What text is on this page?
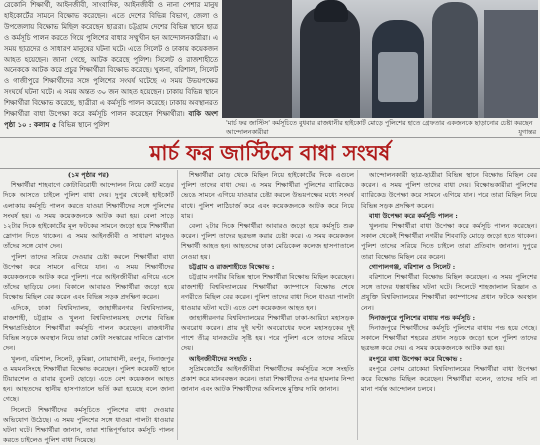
রেকোনি শিক্ষার্থী, আইনজীবী, সাংবাদিক, আইনজীবী ও নানা পেশার মানুষ হাইকোর্টের সামনে বিক্ষোভ করেছেন। এতে দেশের বিভিন্ন বিভাগ, জেলা ও উপজেলায় বিক্ষোভ মিছিল করেছেন ছাত্ররা। চট্টগ্রাম দেশের বিভিন্ন স্থানে ছাত্র ও কর্মসূচি পালন করতে গিয়ে পুলিশের বাধার সম্মুখীন হন আন্দোলনকারীরা। এ সময় ছাত্রদের ও সাধারণ মানুষের ঘটনা ঘটে। এতে সিলেট ও ঢাকায় কয়েকজন আহত হয়েছেন। জানা গেছে, আটক করেছে পুলিশ। সিলেট ও রাজশাহীতে অনেককে আটক করে প্রচুর শিক্ষার্থীরা বিক্ষোভ করেছে। খুলনা, বরিশাল, সিলেট ও গাজীপুরে শিক্ষার্থীদের সঙ্গে পুলিশের সংঘর্ষ ঘটেছে এ সময় উভয়পক্ষের সংঘর্ষে ঘটনা ঘটে। এ সময় অন্তত ৩০ জন আহত হয়েছেন। ঢাকায় বিভিন্ন স্থানে শিক্ষার্থীরা বিক্ষোভ করেছে, ছাত্রীরা এ কর্মসূচি পালন করেছে। ঢাকায় অবস্থানরত শিক্ষার্থীরা বাধা উপেক্ষা করে কর্মসূচি পালন করেছেন শিক্ষার্থীরা। বাকি অংশ পৃষ্ঠা ১০ : কলাম ৫ বিভিন্ন স্থানে পুলিশ	'মার্চ ফর জাস্টিস' কর্মসূচিতে বুধবার রাজধানীর হাইকোর্ট মোড়ে পুলিশের হাতে গ্রেফতার একজনকে ছাড়ানোর চেষ্টা করছেন আন্দোলনকারীরা	যুগান্তর
মার্চ ফর জাস্টিসে বাধা সংঘর্ষ

(১ম পৃষ্ঠার পর)

শিক্ষার্থীরা শাহবাগে কোটাবিরোধী আন্দোলন নিয়ে কোর্ট মড়ের দিকে আসতে চাইলে পুলিশ বাধা দেয়। দুপুর থেকেই হাইকোর্ট এলাকায় কর্মসূচি পালন করতে যাওয়া শিক্ষার্থীদের সঙ্গে পুলিশের সংঘর্ষ হয়। এ সময় কয়েকজনকে আটক করা হয়। বেলা সাড়ে ১২টার দিকে হাইকোর্টের মূল ফটকের সামনে জড়ো হয়ে শিক্ষার্থীরা স্লোগান দিতে থাকেন। এ সময় আইনজীবী ও সাধারণ মানুষও তাঁদের সঙ্গে যোগ দেন।

পুলিশ তাদের সরিয়ে দেওয়ার চেষ্টা করলে শিক্ষার্থীরা বাধা উপেক্ষা করে সামনে এগিয়ে যান। এ সময় শিক্ষার্থীদের কয়েকজনকে আটক করে পুলিশ। পরে আইনজীবীরা এগিয়ে এসে তাঁদের ছাড়িয়ে নেন। বিকালে আবারও শিক্ষার্থীরা জড়ো হয়ে বিক্ষোভ মিছিল বের করেন এবং বিভিন্ন সড়ক প্রদক্ষিণ করেন।

এদিকে, ঢাকা বিশ্ববিদ্যালয়, জাহাঙ্গীরনগর বিশ্ববিদ্যালয়, রাজশাহী, চট্টগ্রাম ও খুলনা বিশ্ববিদ্যালয়সহ দেশের বিভিন্ন শিক্ষাপ্রতিষ্ঠানে শিক্ষার্থীরা কর্মসূচি পালন করেছেন। রাজধানীর বিভিন্ন সড়কে অবস্থান নিয়ে তারা কোটা সংস্কারের দাবিতে স্লোগান দেন।

খুলনা, বরিশাল, সিলেট, কুমিল্লা, নোয়াখালী, রংপুর, দিনাজপুর ও ময়মনসিংহে শিক্ষার্থীরা বিক্ষোভ করেছেন। পুলিশ কয়েকটি স্থানে টিয়ারশেল ও রাবার বুলেট ছোড়ে। এতে বেশ কয়েকজন আহত হন। আহতদের স্থানীয় হাসপাতালে ভর্তি করা হয়েছে বলে জানা গেছে।

সিলেটে শিক্ষার্থীদের কর্মসূচিতে পুলিশের বাধা দেওয়ার অভিযোগ উঠেছে। এ সময় পুলিশের সঙ্গে ধাওয়া পালটা ধাওয়ার ঘটনা ঘটে। শিক্ষার্থীরা জানান, তারা শান্তিপূর্ণভাবে কর্মসূচি পালন করতে চাইলেও পুলিশ বাধা দিয়েছে।

শিক্ষার্থীরা মোড় থেকে মিছিল নিয়ে হাইকোর্টের দিকে এগুলে পুলিশ তাদের বাধা দেয়। এ সময় শিক্ষার্থীরা পুলিশের ব্যারিকেড ভেঙে সামনে এগিয়ে যাওয়ার চেষ্টা করলে উভয়পক্ষের মধ্যে সংঘর্ষ বাধে। পুলিশ লাঠিচার্জ করে এবং কয়েকজনকে আটক করে নিয়ে যায়।

বেলা ২টার দিকে শিক্ষার্থীরা আবারও জড়ো হয়ে কর্মসূচি শুরু করেন। পুলিশ তাদের ছত্রভঙ্গ করার চেষ্টা করে। এ সময় কয়েকজন শিক্ষার্থী আহত হন। আহতদের ঢাকা মেডিকেল কলেজ হাসপাতালে নেওয়া হয়।

চট্টগ্রাম ও রাজশাহীতে বিক্ষোভ :

চট্টগ্রাম নগরীর বিভিন্ন স্থানে শিক্ষার্থীরা বিক্ষোভ মিছিল করেছেন। রাজশাহী বিশ্ববিদ্যালয়ের শিক্ষার্থীরা ক্যাম্পাসে বিক্ষোভ শেষে নগরীতে মিছিল বের করেন। পুলিশ তাদের বাধা দিলে ধাওয়া পালটা ধাওয়ার ঘটনা ঘটে। এতে বেশ কয়েকজন আহত হন।

জাহাঙ্গীরনগর বিশ্ববিদ্যালয়ের শিক্ষার্থীরা ঢাকা-আরিচা মহাসড়ক অবরোধ করেন। প্রায় দুই ঘণ্টা অবরোধের ফলে মহাসড়কের দুই পাশে তীব্র যানজটের সৃষ্টি হয়। পরে পুলিশ এসে তাদের সরিয়ে দেয়।

আইনজীবীদের সংহতি :

সুপ্রিমকোর্টের আইনজীবীরা শিক্ষার্থীদের কর্মসূচির সঙ্গে সংহতি প্রকাশ করে মানববন্ধন করেন। তারা শিক্ষার্থীদের ওপর হামলার নিন্দা জানান এবং আটক শিক্ষার্থীদের অবিলম্বে মুক্তির দাবি জানান।

আন্দোলনকারী ছাত্র-ছাত্রীরা বিভিন্ন স্থানে বিক্ষোভ মিছিল বের করেন। এ সময় পুলিশ তাদের বাধা দেয়। বিক্ষোভকারীরা পুলিশের ব্যারিকেড উপেক্ষা করে সামনে এগিয়ে যান। পরে তারা মিছিল নিয়ে বিভিন্ন সড়ক প্রদক্ষিণ করেন।

বাধা উপেক্ষা করে কর্মসূচি পালন :

খুলনায় শিক্ষার্থীরা বাধা উপেক্ষা করে কর্মসূচি পালন করেছেন। সকাল থেকেই শিক্ষার্থীরা নগরীর শিববাড়ি মোড়ে জড়ো হতে থাকেন। পুলিশ তাদের সরিয়ে দিতে চাইলে তারা প্রতিবাদ জানান। দুপুরে তারা বিক্ষোভ মিছিল বের করেন।

গোপালগঞ্জ, বরিশাল ও সিলেট :

বরিশালে শিক্ষার্থীরা বিক্ষোভ মিছিল করেছেন। এ সময় পুলিশের সঙ্গে তাদের ধস্তাধস্তির ঘটনা ঘটে। সিলেটে শাহজালাল বিজ্ঞান ও প্রযুক্তি বিশ্ববিদ্যালয়ের শিক্ষার্থীরা ক্যাম্পাসের প্রধান ফটকে অবস্থান নেন।

দিনাজপুরে পুলিশের বাধায় পন্ড কর্মসূচি :

দিনাজপুরে শিক্ষার্থীদের কর্মসূচি পুলিশের বাধায় পন্ড হয়ে গেছে। সকালে শিক্ষার্থীরা শহরের প্রধান সড়কে জড়ো হলে পুলিশ তাদের ছত্রভঙ্গ করে দেয়। এ সময় কয়েকজনকে আটক করা হয়।

রংপুরে বাধা উপেক্ষা করে বিক্ষোভ :

রংপুরে বেগম রোকেয়া বিশ্ববিদ্যালয়ের শিক্ষার্থীরা বাধা উপেক্ষা করে বিক্ষোভ মিছিল করেছেন। শিক্ষার্থীরা বলেন, তাদের দাবি না মানা পর্যন্ত আন্দোলন চলবে।
